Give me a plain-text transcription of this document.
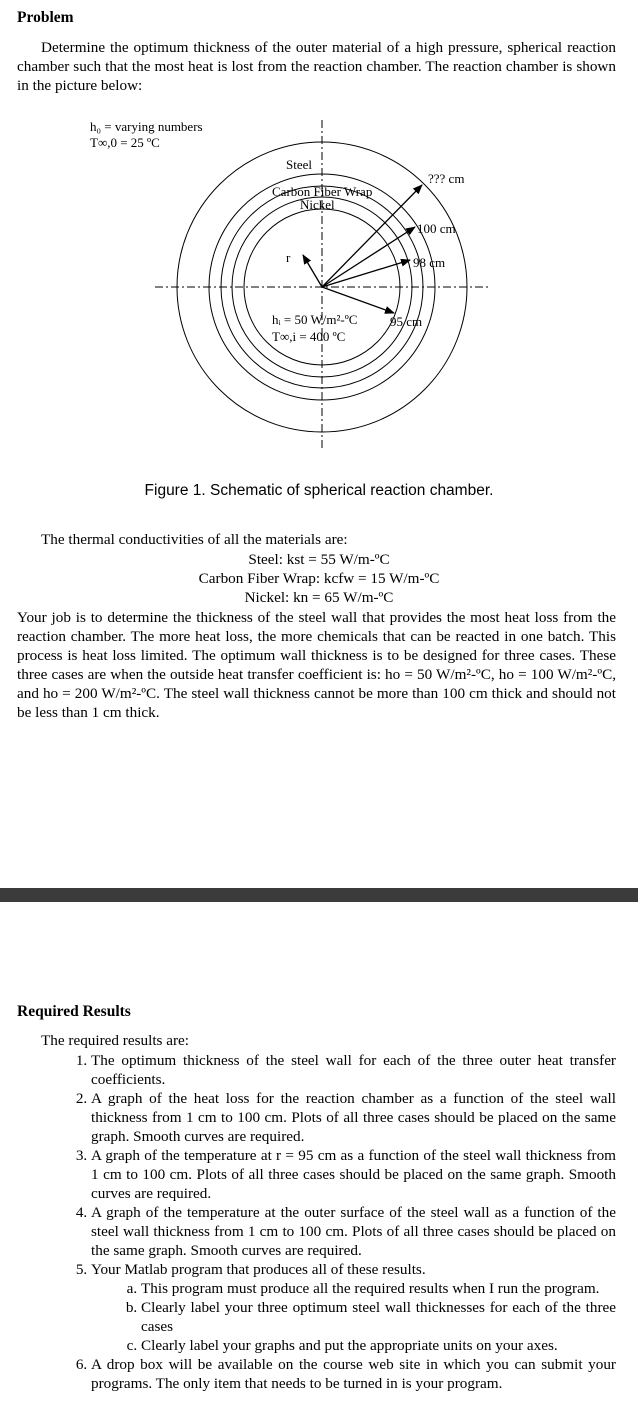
Problem
Determine the optimum thickness of the outer material of a high pressure, spherical reaction chamber such that the most heat is lost from the reaction chamber. The reaction chamber is shown in the picture below:
h₀ = varying numbers
T∞,0 = 25 ºC
Steel
Carbon Fiber Wrap
Nickel
r
??? cm
100 cm
98 cm
95 cm
hᵢ = 50 W/m²-ºC
T∞,i = 400 ºC
Figure 1. Schematic of spherical reaction chamber.
The thermal conductivities of all the materials are:
Steel: kst = 55 W/m-ºC
Carbon Fiber Wrap: kcfw = 15 W/m-ºC
Nickel: kn = 65 W/m-ºC
Your job is to determine the thickness of the steel wall that provides the most heat loss from the reaction chamber. The more heat loss, the more chemicals that can be reacted in one batch. This process is heat loss limited. The optimum wall thickness is to be designed for three cases. These three cases are when the outside heat transfer coefficient is: ho = 50 W/m²-ºC, ho = 100 W/m²-ºC, and ho = 200 W/m²-ºC. The steel wall thickness cannot be more than 100 cm thick and should not be less than 1 cm thick.
Required Results
The required results are:
1. The optimum thickness of the steel wall for each of the three outer heat transfer coefficients.
2. A graph of the heat loss for the reaction chamber as a function of the steel wall thickness from 1 cm to 100 cm. Plots of all three cases should be placed on the same graph. Smooth curves are required.
3. A graph of the temperature at r = 95 cm as a function of the steel wall thickness from 1 cm to 100 cm. Plots of all three cases should be placed on the same graph. Smooth curves are required.
4. A graph of the temperature at the outer surface of the steel wall as a function of the steel wall thickness from 1 cm to 100 cm. Plots of all three cases should be placed on the same graph. Smooth curves are required.
5. Your Matlab program that produces all of these results.
a. This program must produce all the required results when I run the program.
b. Clearly label your three optimum steel wall thicknesses for each of the three cases
c. Clearly label your graphs and put the appropriate units on your axes.
6. A drop box will be available on the course web site in which you can submit your programs. The only item that needs to be turned in is your program.
